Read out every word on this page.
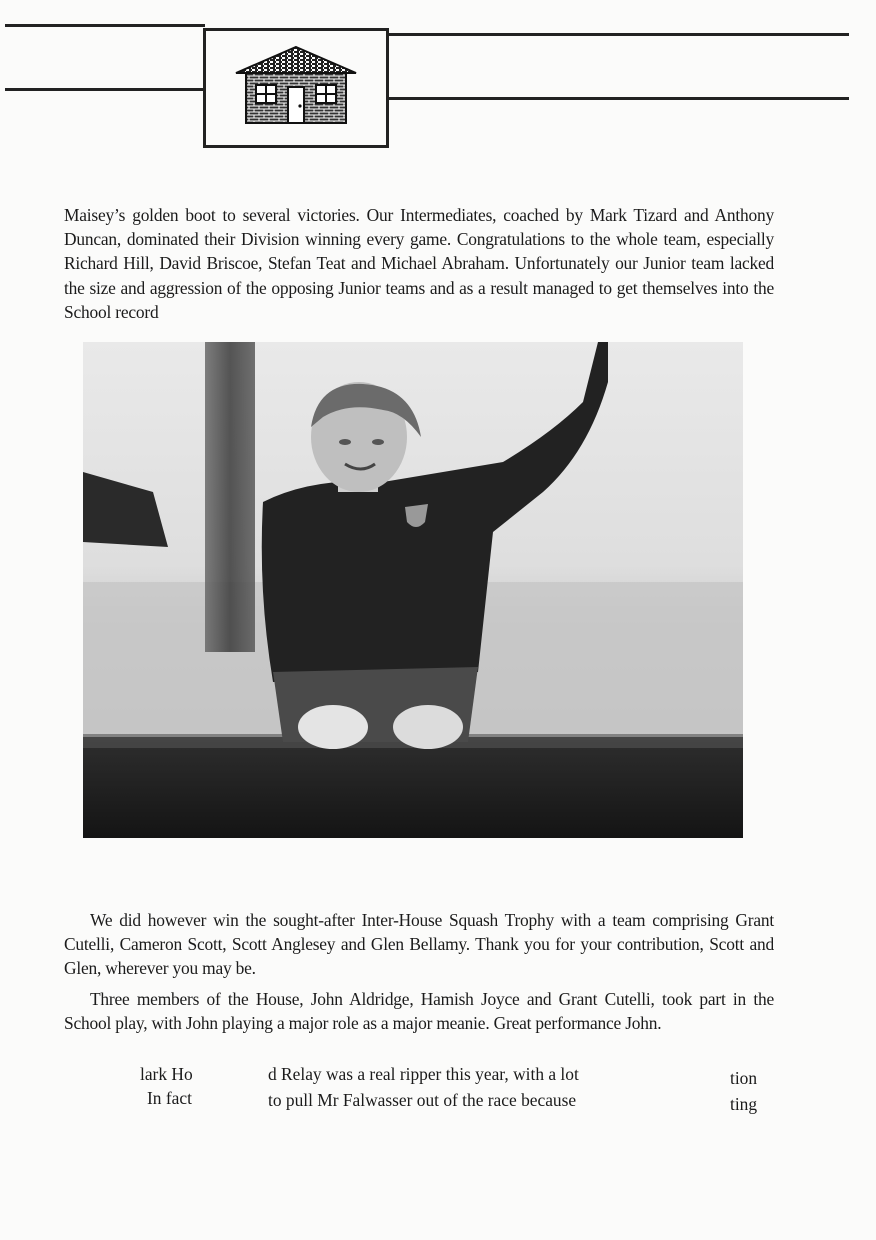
Maisey’s golden boot to several victories. Our Intermediates, coached by Mark Tizard and Anthony Duncan, dominated their Division winning every game. Congratulations to the whole team, especially Richard Hill, David Briscoe, Stefan Teat and Michael Abraham. Unfortunately our Junior team lacked the size and aggression of the opposing Junior teams and as a result managed to get themselves into the School record

We did however win the sought-after Inter-House Squash Trophy with a team comprising Grant Cutelli, Cameron Scott, Scott Anglesey and Glen Bellamy. Thank you for your contribution, Scott and Glen, wherever you may be.

Three members of the House, John Aldridge, Hamish Joyce and Grant Cutelli, took part in the School play, with John playing a major role as a major meanie. Great performance John.

lark Ho	d Relay was a real ripper this year, with a lot	tion
In fact	to pull Mr Falwasser out of the race because	ting
